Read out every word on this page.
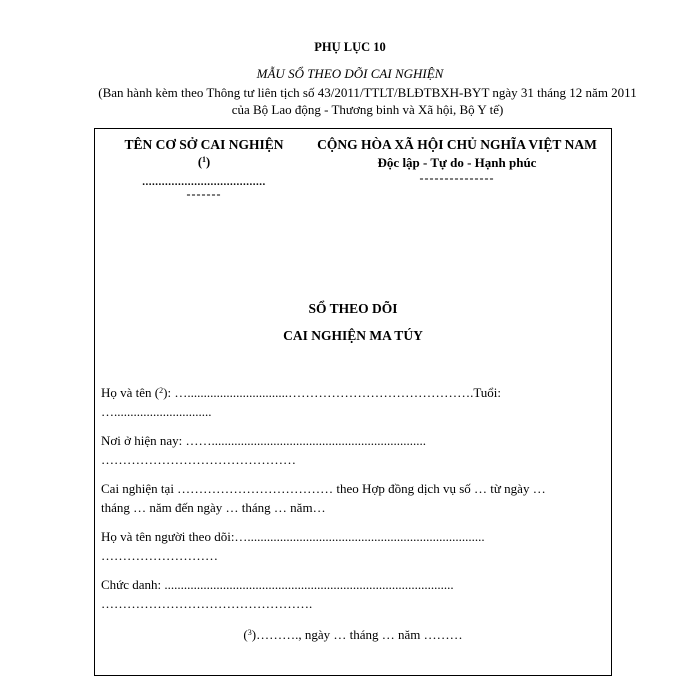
PHỤ LỤC 10
MẪU SỔ THEO DÕI CAI NGHIỆN
(Ban hành kèm theo Thông tư liên tịch số 43/2011/TTLT/BLĐTBXH-BYT ngày 31 tháng 12 năm 2011 của Bộ Lao động - Thương binh và Xã hội, Bộ Y tế)
TÊN CƠ SỞ CAI NGHIỆN
($^1$)
......................................
-------
CỘNG HÒA XÃ HỘI CHỦ NGHĨA VIỆT NAM
Độc lập - Tự do - Hạnh phúc
---------------
SỔ THEO DÕI
CAI NGHIỆN MA TÚY
Họ và tên ($^2$): …...............................…………………………………….Tuổi:
…..............................
Nơi ở hiện nay: ……..................................................................
………………………………………
Cai nghiện tại ……………………………… theo Hợp đồng dịch vụ số … từ ngày …
tháng … năm đến ngày … tháng … năm…
Họ và tên người theo dõi:….........................................................................
………………………
Chức danh: .........................................................................................
………………………………………….
($^3$)………., ngày … tháng … năm ………
